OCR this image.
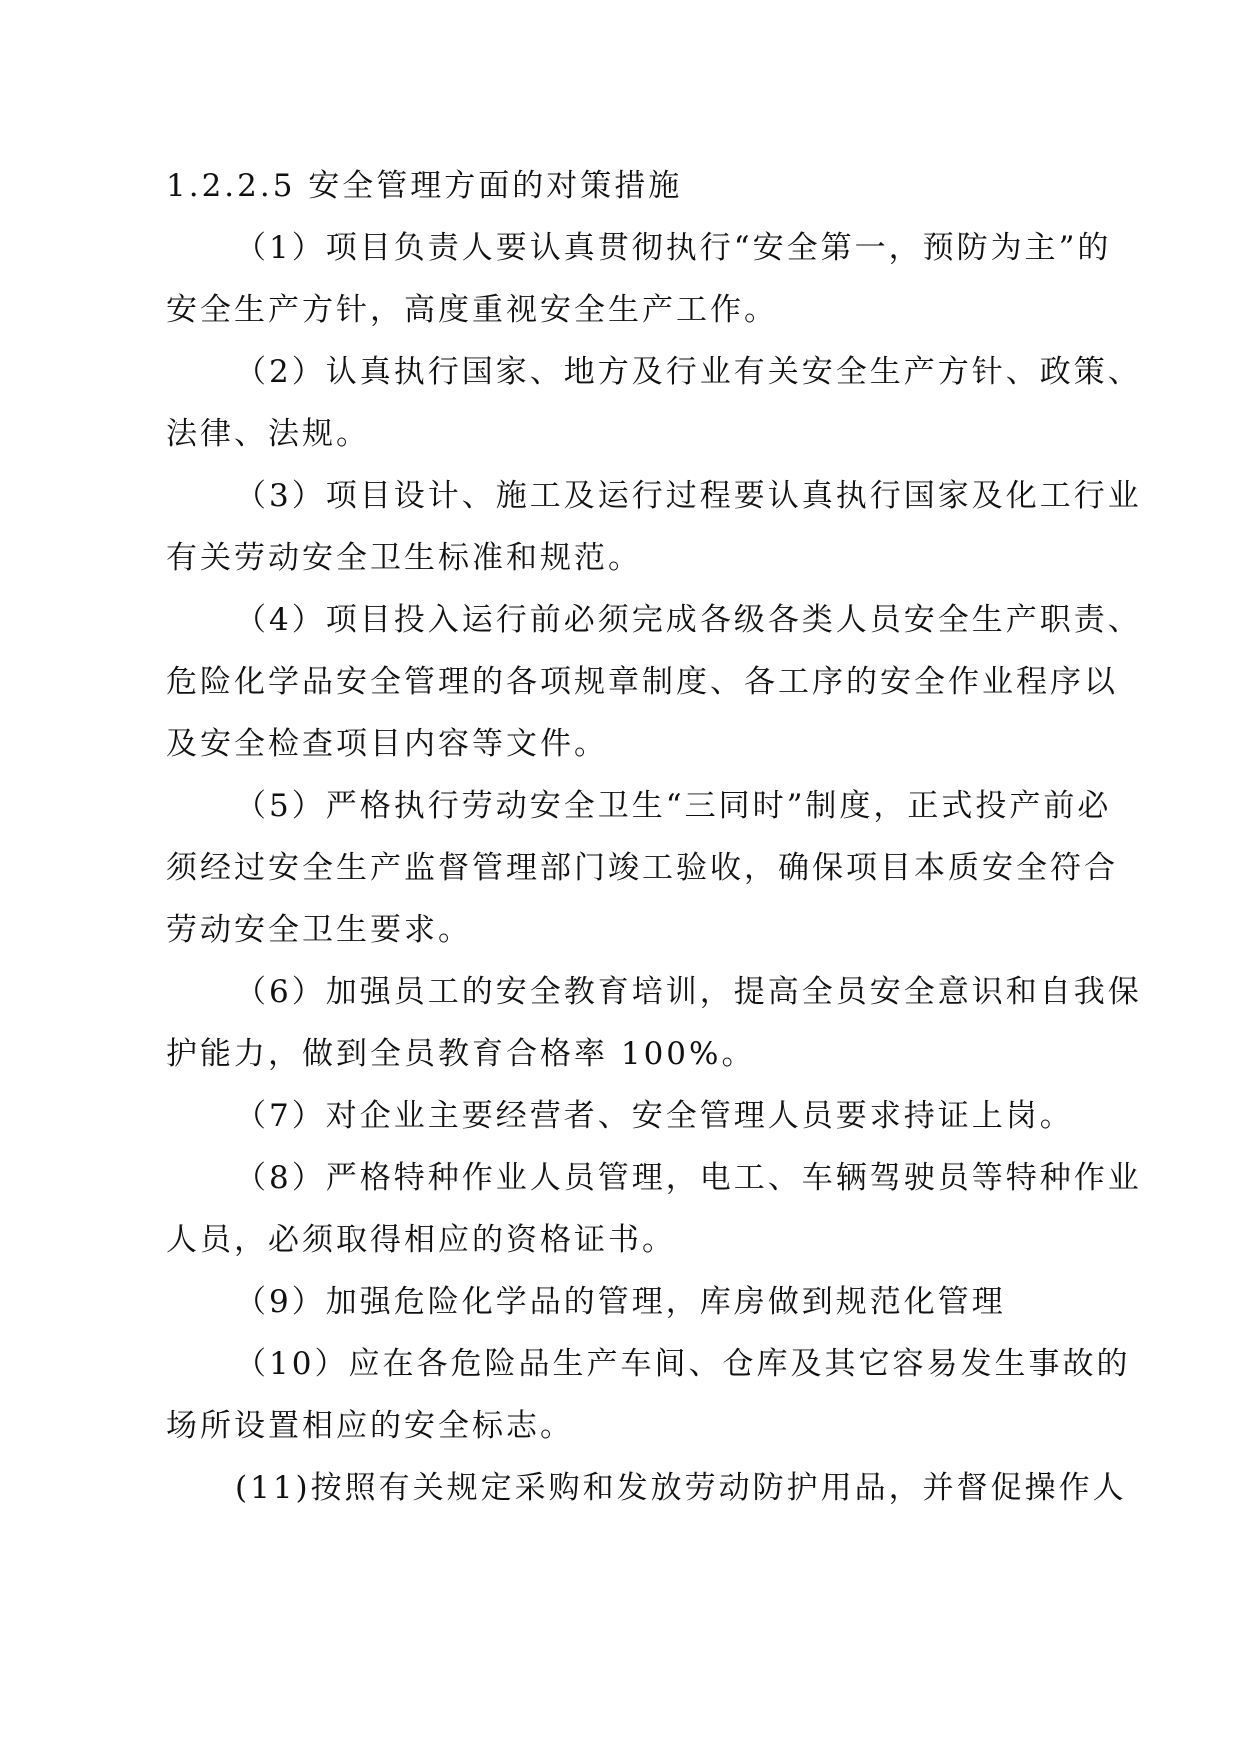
1.2.2.5 安全管理方面的对策措施
（1）项目负责人要认真贯彻执行“安全第一，预防为主”的
安全生产方针，高度重视安全生产工作。
（2）认真执行国家、地方及行业有关安全生产方针、政策、
法律、法规。
（3）项目设计、施工及运行过程要认真执行国家及化工行业
有关劳动安全卫生标准和规范。
（4）项目投入运行前必须完成各级各类人员安全生产职责、
危险化学品安全管理的各项规章制度、各工序的安全作业程序以
及安全检查项目内容等文件。
（5）严格执行劳动安全卫生“三同时”制度，正式投产前必
须经过安全生产监督管理部门竣工验收，确保项目本质安全符合
劳动安全卫生要求。
（6）加强员工的安全教育培训，提高全员安全意识和自我保
护能力，做到全员教育合格率 100%。
（7）对企业主要经营者、安全管理人员要求持证上岗。
（8）严格特种作业人员管理，电工、车辆驾驶员等特种作业
人员，必须取得相应的资格证书。
（9）加强危险化学品的管理，库房做到规范化管理
（10）应在各危险品生产车间、仓库及其它容易发生事故的
场所设置相应的安全标志。
(11)按照有关规定采购和发放劳动防护用品，并督促操作人
